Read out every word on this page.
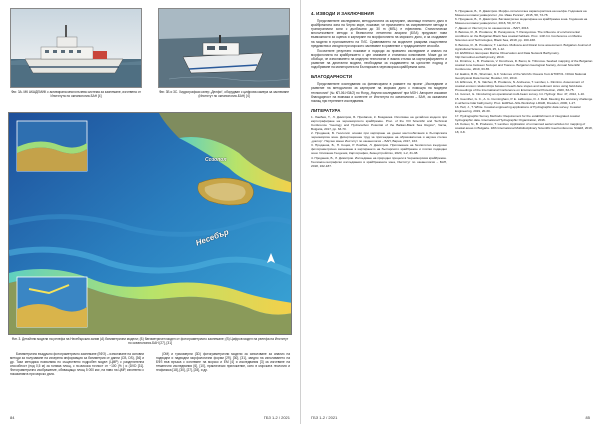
Фиг. 3А. МК АКАДЕМИК с активирана многолъчева система за заснемане, изготвена от Института по океанология-БАН [4]
Фиг. 3Б и 3С. Хидрографски катер „Делфи“, оборудван с цифрова камера за заснемане (Институт по океанология-БАН) [4]
Созопол
Несебър
Фиг. 3. Детайлни модели на релефа на Несебърския залив (А) батиметрични модели; (Б) батиметричен модел от фотограметрично заснемане; (В) Цифров модел на релефа на Институт по океанология-БАН [27], [31]

Батиметрично въздушно фотограметрично заснемане (БФЗ) – използване на основни методи за получаване на изчерпна информация за батиметрия от данни (CB, DS), [36] и др. Тази методика позволява по съществено подробен модел (ЦМР) с разделителна способност (под 0,5 м) за голяма площ, с по-висока точност от ~100 (% ) и (DVD [31]. Фотограметрично изображение, обхващащо площ 5 000 км², на ниво на ЦМР, изготвено с показанията при морско дъно.

(ОМ) и трикомерни (3D) фотограметрични модели за използване за анализ на подводни и надводни морфологични форми [29], [30], [31], заедно на използването на БФЗ във връзка с изготвяне на морско и ЕМ [4] и изследвания [3] за изготвяне на тематични изследвания [6], [10], практически приложение, като в морската геология и геофизика [18], [30], [27], [28], и др.

84	ГБЗ 1-2 / 2021
4. ИЗВОДИ И ЗАКЛЮЧЕНИЯ

Представените изследвания, методологията за картиране, засягащи плиткото дъно в крайбрежната зона на Черно море, показват, че прилагането на съвременните методи в трансгранични зони с дълбочини до 30 m (MSL) е ефективно. Статистически многолъчевите методи и безпилотни летателни апарати (БЛА) предлагат нови възможности за оценка и картиране на морфологията на морското дъно, и за създаване на модели в приложението на ГИС. Сравняването на моделите разкрива съществени предимства и изгодни при морското заснемане в сравнение с традиционните способи.

Посочените резултати показват и подходи за правилно изследване и анализ на морфологията на крайбрежието с цел опазване и стопанско използване. Може да се обобщи, че използването на модерни технологии е важна стъпка за картографирането и развитие на дигитални модели, необходими за създаването на цялостен подход и подобряване на мониторинга на Българската черноморска крайбрежна зона.

БЛАГОДАРНОСТИ

Представените изследвания са финансирани в рамките на проект „Изследване и развитие на методология за картиране на морския дъно с помощта на модерни технологии“ (№ КП-06-Н34/2) по Фонд „Научни изследвания“ при МОН. Авторите изказват благодарност на екипажа и колегите от Института по океанология – БАН, за оказаната помощ при теренните изследвания.

ЛИТЕРАТУРА
1. Ламбев, Т., Л. Димитров, Б. Прodanов, К. Бояджиев. Изготвяне на детайлни модели при картографиране на черноморското крайбрежие. Proc. of the VIII Scientific and Technical Conference "Geology and Hydrocarbon Potential of the Balkan-Black Sea Region", Varna, Bulgaria, 2017, pp. 63-70.
2. Продaнов, Б. Геология: основи при картиране на дънни местообитания в българската черноморска зона. Дисертационен труд за присъждане на образователна и научна степен „доктор“. Научно звено Институт по океанология – БАН, Варна, 2017, 163.
3. Продaнов, Б., Н. Коцев, Р. Ломбев, Л. Димитров. Приложение на безпилотно въздушно фотограметрично заснемане в картирането на българското крайбрежие и плитки подводни зони. Списание Геодезия, Картография, Земеустройство, 2020, 1-2, 31-38.
4. Продaнов, Б., Л. Димитров. Изследване на природни процеси в Черноморския крайбрежие. Геоложко-географски изследвания в крайбрежната зона, Институт по океанология – БАН, 2018, 162-187.
5. Продaнов, Б., Л. Димитров. Морфо-литологична характеристика на шелфа. Годишник на Минно-геоложки университет „Св. Иван Рилски“, 2015, 58, 73-78.
6. Продaнов, Б., Л. Димитров. Батиметрично моделиране на крайбрежна зона. Годишник на Минно-геоложки университет, 2016, 59, 67-72.
7. Данни от Института по океанология – БАН, 2013.
8. Bekova, R., B. Prodanov, M. Panayotova, T. Panayotova. The influence of environmental conditions on the Bulgarian Black Sea coastal habitats. Proc. 14th Int. Conference on Marine Sciences and Technologies, Black Sea, 2018, pp. 160-168.
9. Bekova, R., B. Prodanov, T. Lambev. Mollusca and littoral zone assessment. Bulgarian Journal of Agricultural Science, 2019, 25, 1-12.
10. EMODnet. European Marine Observation and Data Network Bathymetry. http://emodnet.eu/bathymetry, 2019.
11. Dimitrov, L., B. Prodanov, V. Doncheva, D. Berov, E. Trifonova. Seabed mapping of the Bulgarian coastal zone between Sozopol and Tsarevo. Bulgarian Geological Society, Annual Scientific Conference, 2019, 63-65.
12. Eakins, B.W., Sharman, G.F. Volumes of the World's Oceans from ETOPO1. NOAA National Geophysical Data Center, Boulder, CO, 2010.
13. Elfimova, P., N. Valchev, B. Prodanov, N. Andreeva, T. Lambev, L. Dimitrov. Assessment of coastal erosion relationships between beach-face slopes and sediment sizes using field data. Proceedings of the International Conference on Environmental Protection, 2020, 63-75.
14. Gomez, G. Introducing an operational multi-beam survey. Int. Hydrogr. Rev. 47, 2012, 1-10.
15. Guenther, G. C., A. G. Cunningham, P. E. LaRocque, D. J. Reid. Meeting the accuracy challenge in airborne lidar bathymetry. Proc. EARSeL-SIG-Workshop LIDAR, Dresden, 2000, 1-27.
16. Hell, J., T. White. Coastal engineering applications of Hydrographic data survey. Coastal Engineering, 2019, 20-30.
17. Hydrographic Survey Methods: Requirement for the establishment of integrated coastal hydrographic data. International Hydrographic Organization, 2016.
18. Kotsev, N., B. Prodanov, T. Lambev. Application of unmanned aerial vehicles for mapping of coastal areas in Bulgaria. 18th International Multidisciplinary Scientific GeoConference SGEM, 2018, 18, 3-8.
ГБЗ 1-2 / 2021	85
